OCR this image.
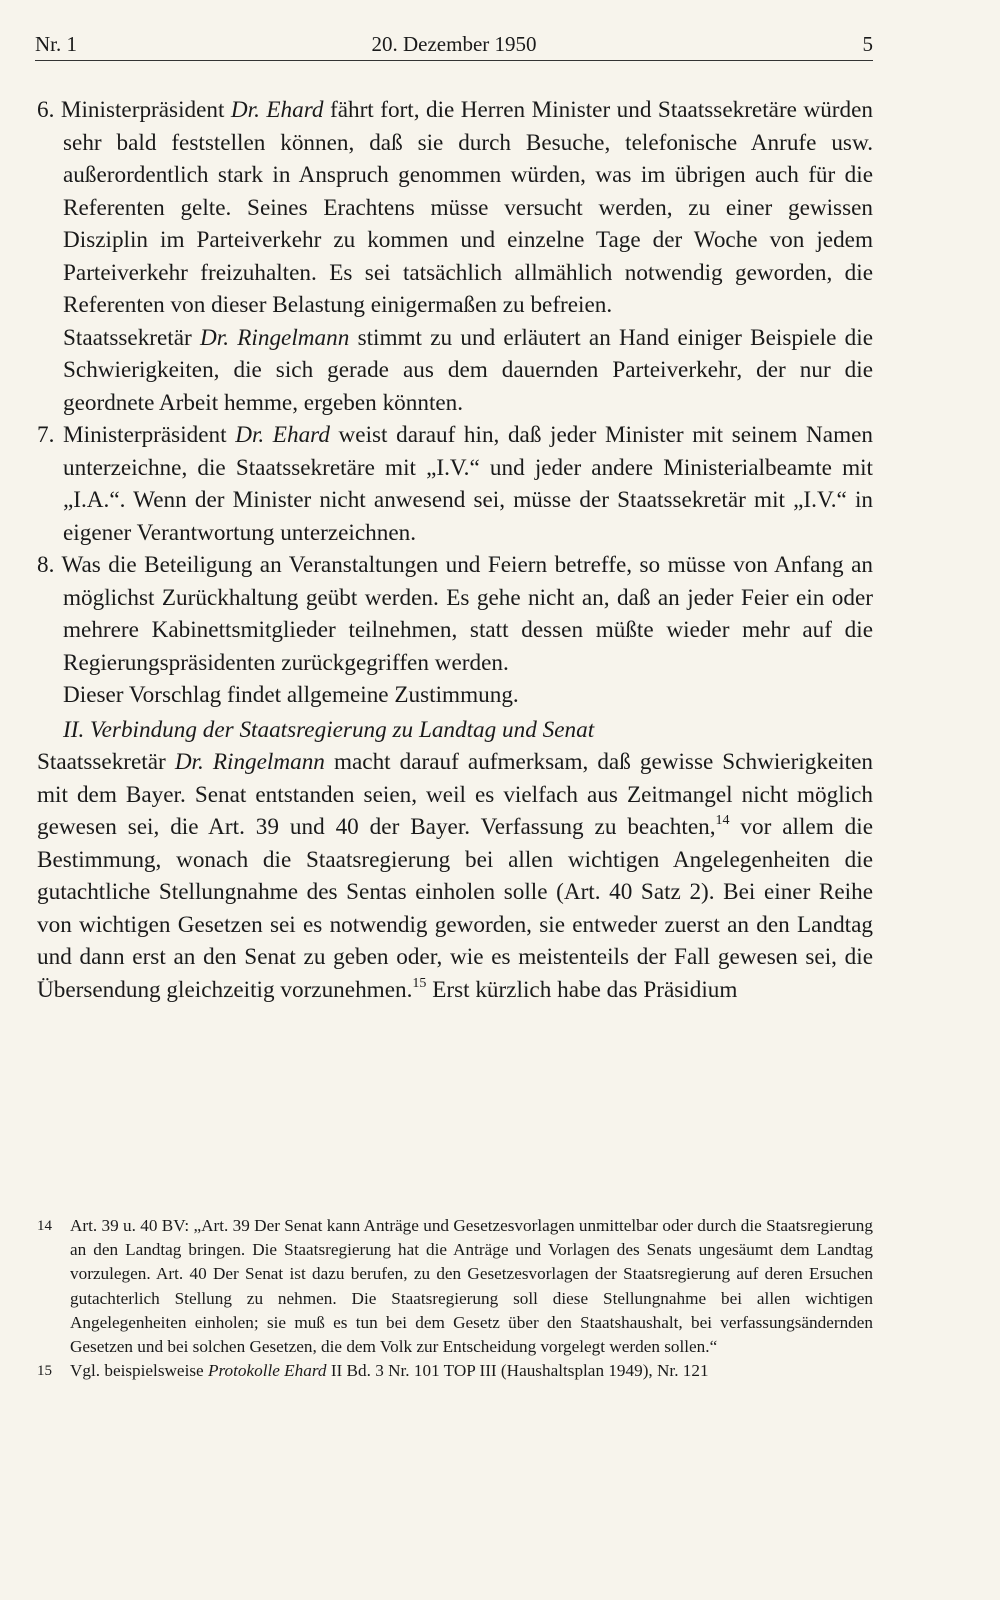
Nr. 1	20. Dezember 1950	5

6. Ministerpräsident Dr. Ehard fährt fort, die Herren Minister und Staatssekretäre würden sehr bald feststellen können, daß sie durch Besuche, telefonische Anrufe usw. außerordentlich stark in Anspruch genommen würden, was im übrigen auch für die Referenten gelte. Seines Erachtens müsse versucht werden, zu einer gewissen Disziplin im Parteiverkehr zu kommen und einzelne Tage der Woche von jedem Parteiverkehr freizuhalten. Es sei tatsächlich allmählich notwendig geworden, die Referenten von dieser Belastung einigermaßen zu befreien.

Staatssekretär Dr. Ringelmann stimmt zu und erläutert an Hand einiger Beispiele die Schwierigkeiten, die sich gerade aus dem dauernden Parteiverkehr, der nur die geordnete Arbeit hemme, ergeben könnten.

7. Ministerpräsident Dr. Ehard weist darauf hin, daß jeder Minister mit seinem Namen unterzeichne, die Staatssekretäre mit „I.V.“ und jeder andere Ministerialbeamte mit „I.A.“. Wenn der Minister nicht anwesend sei, müsse der Staatssekretär mit „I.V.“ in eigener Verantwortung unterzeichnen.

8. Was die Beteiligung an Veranstaltungen und Feiern betreffe, so müsse von Anfang an möglichst Zurückhaltung geübt werden. Es gehe nicht an, daß an jeder Feier ein oder mehrere Kabinettsmitglieder teilnehmen, statt dessen müßte wieder mehr auf die Regierungspräsidenten zurückgegriffen werden.

Dieser Vorschlag findet allgemeine Zustimmung.

II. Verbindung der Staatsregierung zu Landtag und Senat

Staatssekretär Dr. Ringelmann macht darauf aufmerksam, daß gewisse Schwierigkeiten mit dem Bayer. Senat entstanden seien, weil es vielfach aus Zeitmangel nicht möglich gewesen sei, die Art. 39 und 40 der Bayer. Verfassung zu beachten,$^{14}$ vor allem die Bestimmung, wonach die Staatsregierung bei allen wichtigen Angelegenheiten die gutachtliche Stellungnahme des Sentas einholen solle (Art. 40 Satz 2). Bei einer Reihe von wichtigen Gesetzen sei es notwendig geworden, sie entweder zuerst an den Landtag und dann erst an den Senat zu geben oder, wie es meistenteils der Fall gewesen sei, die Übersendung gleichzeitig vorzunehmen.$^{15}$ Erst kürzlich habe das Präsidium

14 Art. 39 u. 40 BV: „Art. 39 Der Senat kann Anträge und Gesetzesvorlagen unmittelbar oder durch die Staatsregierung an den Landtag bringen. Die Staatsregierung hat die Anträge und Vorlagen des Senats ungesäumt dem Landtag vorzulegen. Art. 40 Der Senat ist dazu berufen, zu den Gesetzesvorlagen der Staatsregierung auf deren Ersuchen gutachterlich Stellung zu nehmen. Die Staatsregierung soll diese Stellungnahme bei allen wichtigen Angelegenheiten einholen; sie muß es tun bei dem Gesetz über den Staatshaushalt, bei verfassungsändernden Gesetzen und bei solchen Gesetzen, die dem Volk zur Entscheidung vorgelegt werden sollen.“

15 Vgl. beispielsweise Protokolle Ehard II Bd. 3 Nr. 101 TOP III (Haushaltsplan 1949), Nr. 121
